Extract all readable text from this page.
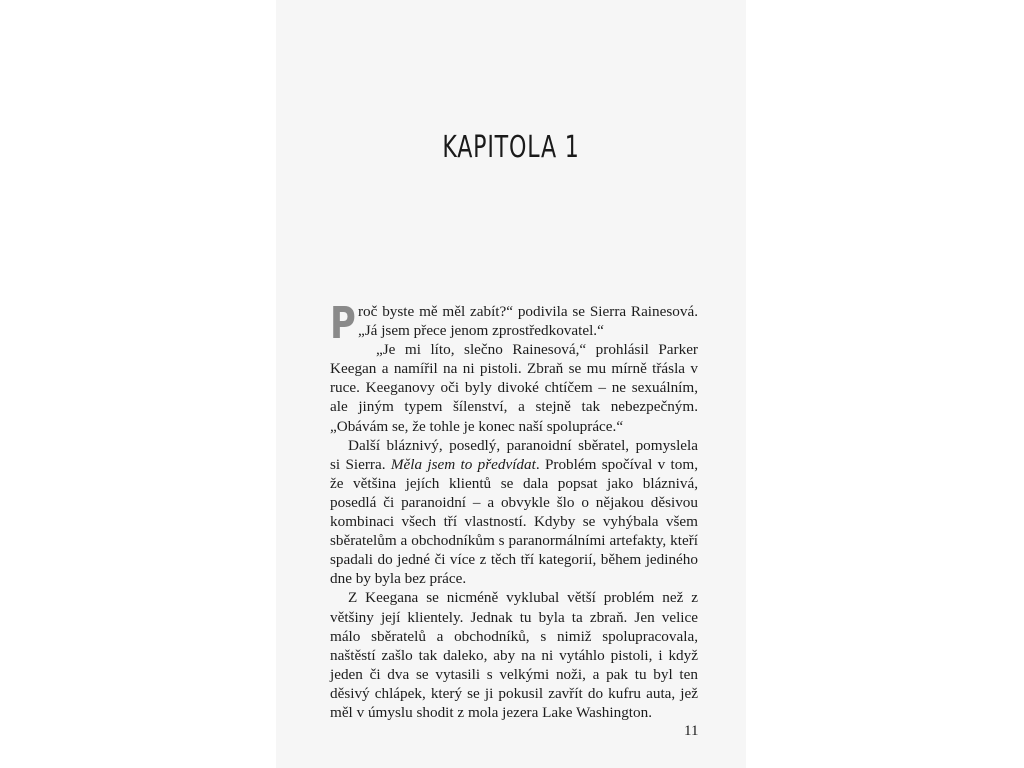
KAPITOLA 1

Proč byste mě měl zabít?“ podivila se Sierra Rainesová. „Já jsem přece jenom zprostředkovatel.“

„Je mi líto, slečno Rainesová,“ prohlásil Parker Keegan a namířil na ni pistoli. Zbraň se mu mírně třásla v ruce. Keeganovy oči byly divoké chtíčem – ne sexuálním, ale jiným typem šílenství, a stejně tak nebezpečným. „Obávám se, že tohle je konec naší spolupráce.“

Další bláznivý, posedlý, paranoidní sběratel, pomyslela si Sierra. Měla jsem to předvídat. Problém spočíval v tom, že většina jejích klientů se dala popsat jako bláznivá, posedlá či paranoidní – a obvykle šlo o nějakou děsivou kombinaci všech tří vlastností. Kdyby se vyhýbala všem sběratelům a obchodníkům s paranormálními artefakty, kteří spadali do jedné či více z těch tří kategorií, během jediného dne by byla bez práce.

Z Keegana se nicméně vyklubal větší problém než z většiny její klientely. Jednak tu byla ta zbraň. Jen velice málo sběratelů a obchodníků, s nimiž spolupracovala, naštěstí zašlo tak daleko, aby na ni vytáhlo pistoli, i když jeden či dva se vytasili s velkými noži, a pak tu byl ten děsivý chlápek, který se ji pokusil zavřít do kufru auta, jež měl v úmyslu shodit z mola jezera Lake Washington.

11
